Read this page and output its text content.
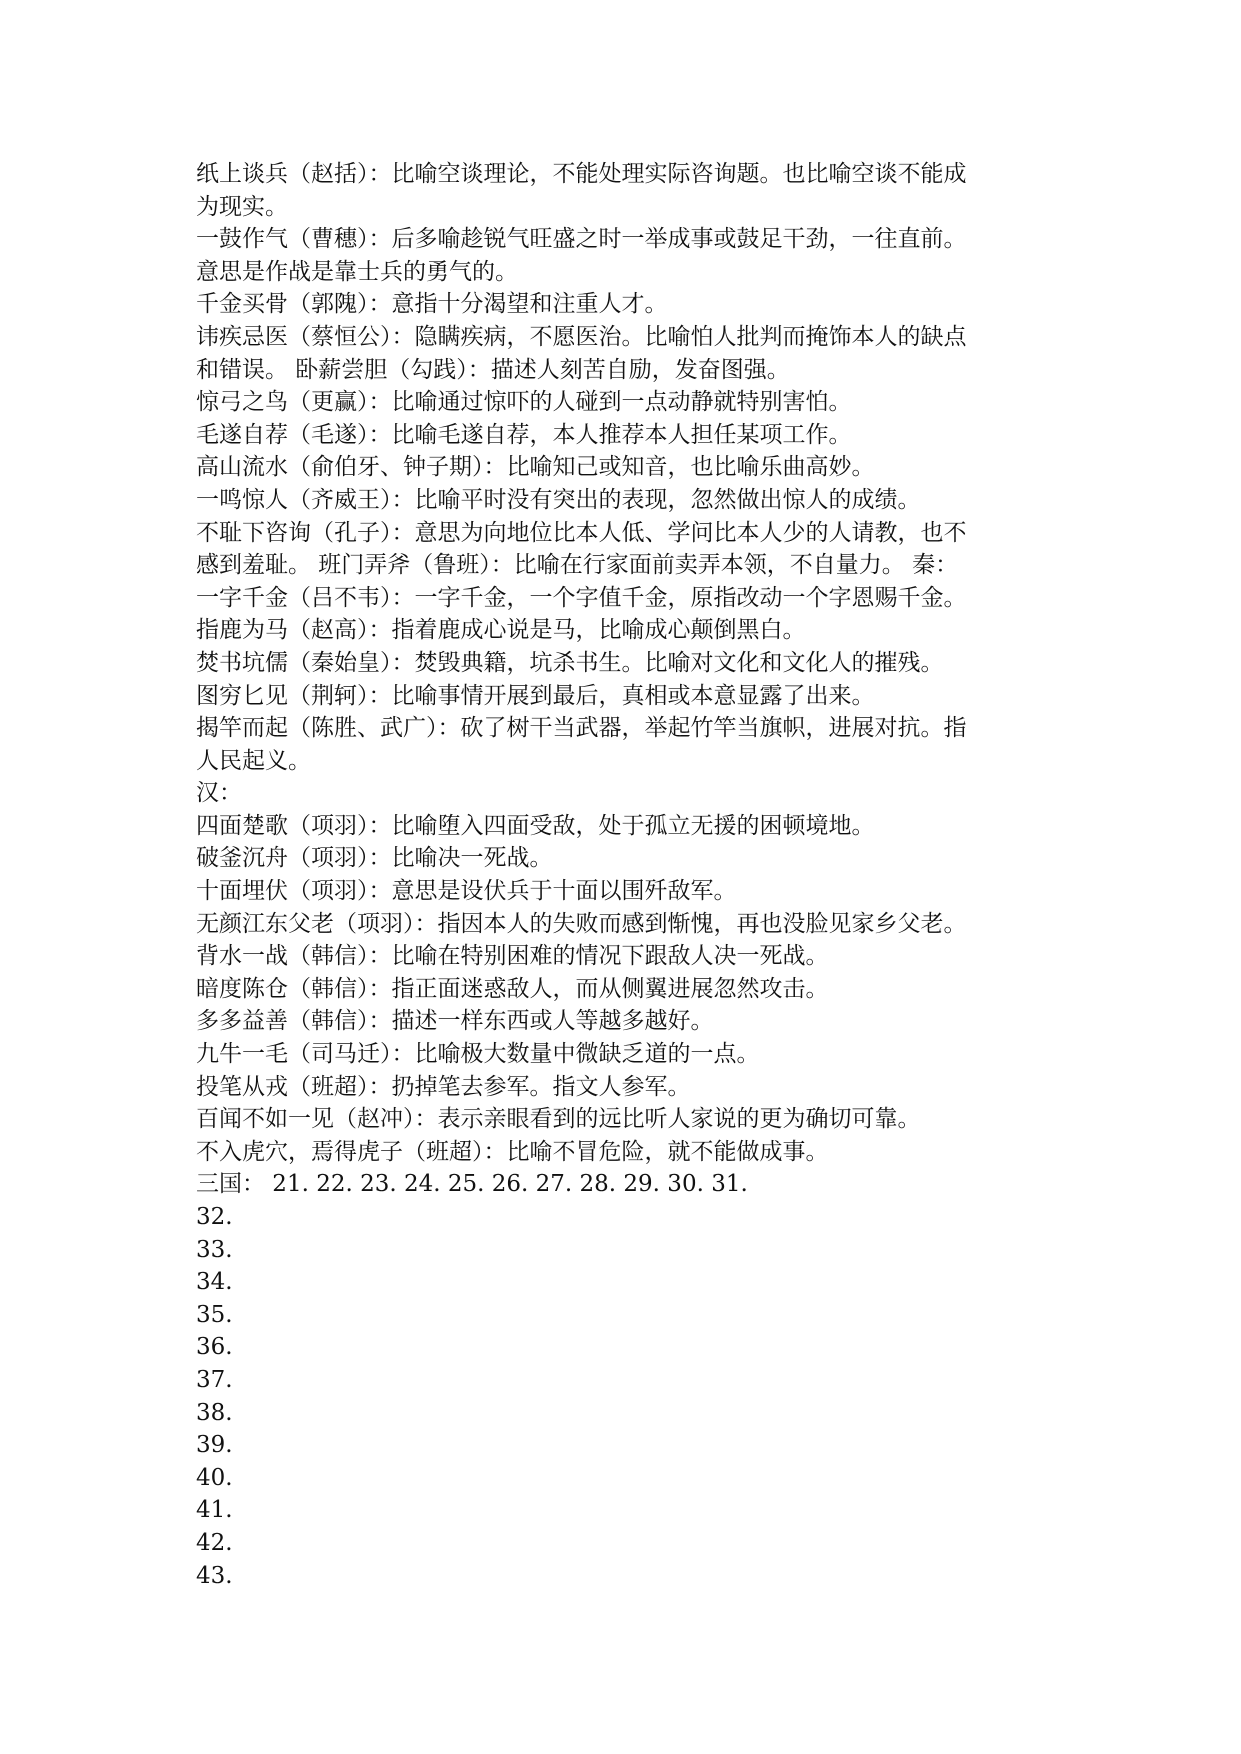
纸上谈兵（赵括）：比喻空谈理论，不能处理实际咨询题。也比喻空谈不能成
为现实。
一鼓作气（曹穗）：后多喻趁锐气旺盛之时一举成事或鼓足干劲，一往直前。
意思是作战是靠士兵的勇气的。
千金买骨（郭隗）：意指十分渴望和注重人才。
讳疾忌医（蔡恒公）：隐瞒疾病，不愿医治。比喻怕人批判而掩饰本人的缺点
和错误。 卧薪尝胆（勾践）：描述人刻苦自励，发奋图强。
惊弓之鸟（更赢）：比喻通过惊吓的人碰到一点动静就特别害怕。
毛遂自荐（毛遂）：比喻毛遂自荐，本人推荐本人担任某项工作。
高山流水（俞伯牙、钟子期）：比喻知己或知音，也比喻乐曲高妙。
一鸣惊人（齐威王）：比喻平时没有突出的表现，忽然做出惊人的成绩。
不耻下咨询（孔子）：意思为向地位比本人低、学问比本人少的人请教，也不
感到羞耻。 班门弄斧（鲁班）：比喻在行家面前卖弄本领，不自量力。 秦：
一字千金（吕不韦）：一字千金，一个字值千金，原指改动一个字恩赐千金。
指鹿为马（赵高）：指着鹿成心说是马，比喻成心颠倒黑白。
焚书坑儒（秦始皇）：焚毁典籍，坑杀书生。比喻对文化和文化人的摧残。
图穷匕见（荆轲）：比喻事情开展到最后，真相或本意显露了出来。
揭竿而起（陈胜、武广）：砍了树干当武器，举起竹竿当旗帜，进展对抗。指
人民起义。
汉：
四面楚歌（项羽）：比喻堕入四面受敌，处于孤立无援的困顿境地。
破釜沉舟（项羽）：比喻决一死战。
十面埋伏（项羽）：意思是设伏兵于十面以围歼敌军。
无颜江东父老（项羽）：指因本人的失败而感到惭愧，再也没脸见家乡父老。
背水一战（韩信）：比喻在特别困难的情况下跟敌人决一死战。
暗度陈仓（韩信）：指正面迷惑敌人，而从侧翼进展忽然攻击。
多多益善（韩信）：描述一样东西或人等越多越好。
九牛一毛（司马迁）：比喻极大数量中微缺乏道的一点。
投笔从戎（班超）：扔掉笔去参军。指文人参军。
百闻不如一见（赵冲）：表示亲眼看到的远比听人家说的更为确切可靠。
不入虎穴，焉得虎子（班超）：比喻不冒危险，就不能做成事。
三国： 21. 22. 23. 24. 25. 26. 27. 28. 29. 30. 31.
32.
33.
34.
35.
36.
37.
38.
39.
40.
41.
42.
43.
